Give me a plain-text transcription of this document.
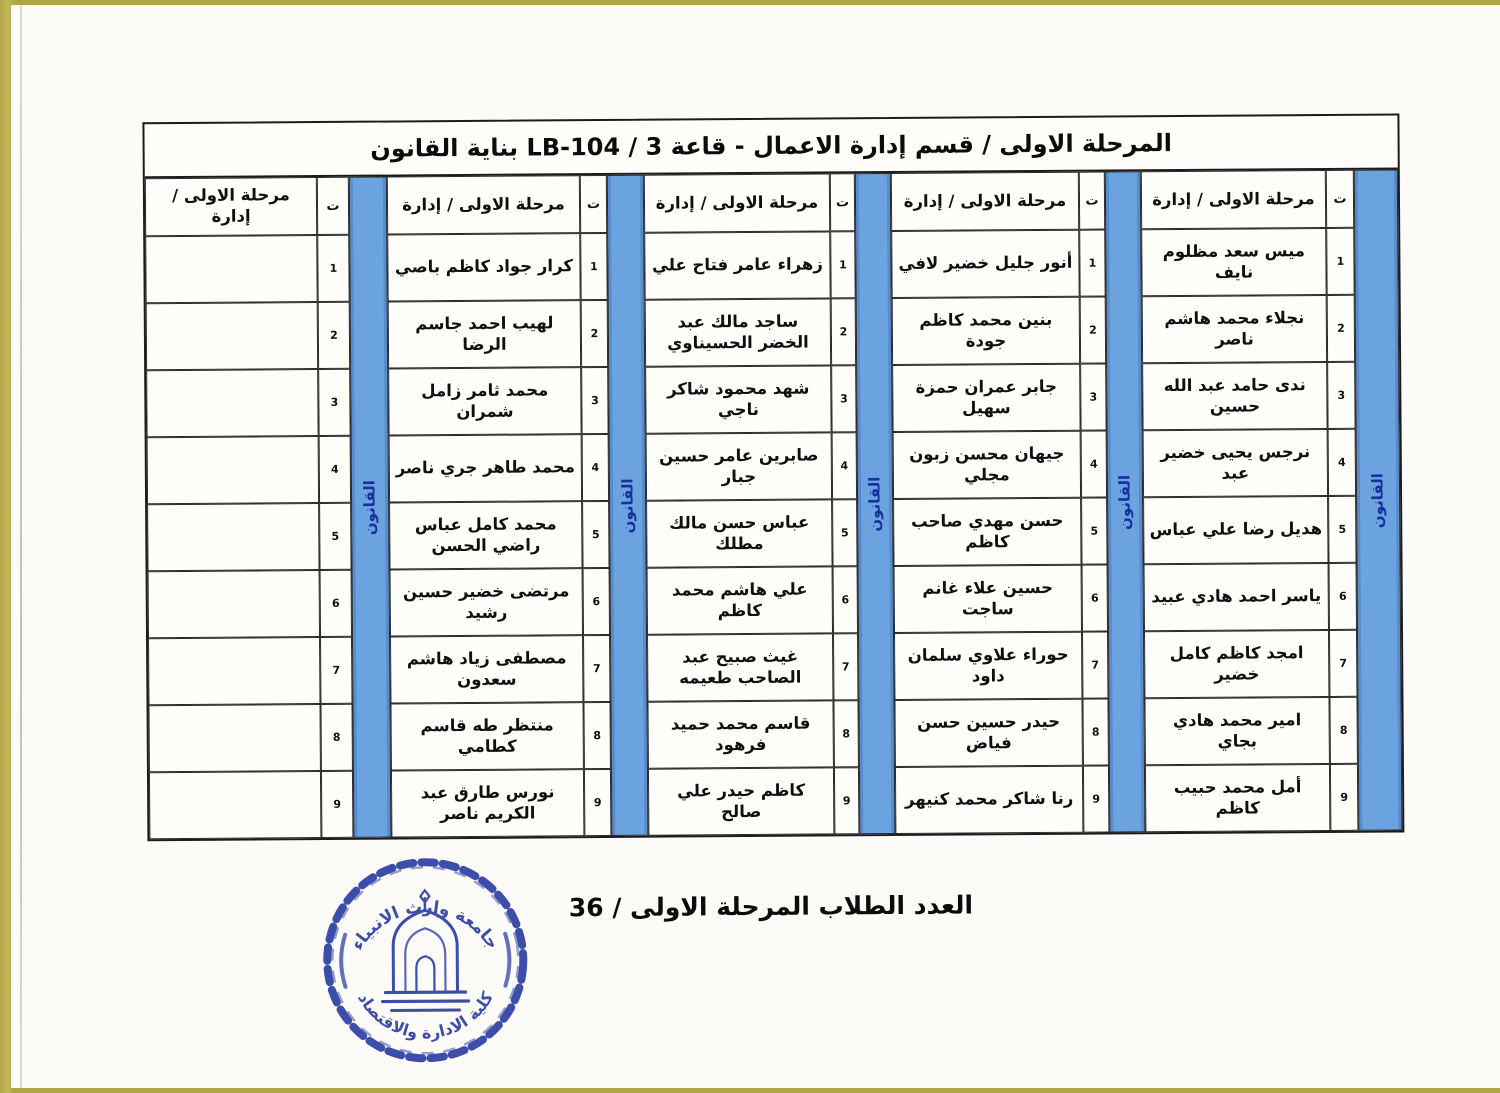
المرحلة الاولى / قسم إدارة الاعمال - قاعة 3 / LB-104 بناية القانون
القانون
ت
مرحلة الاولى / إدارة
1
ميس سعد مظلوم نايف
2
نجلاء محمد هاشم ناصر
3
ندى حامد عبد الله حسين
4
نرجس يحيى خضير عبد
5
هديل رضا علي عباس
6
ياسر احمد هادي عبيد
7
امجد كاظم كامل خضير
8
امير محمد هادي بجاي
9
أمل محمد حبيب كاظم
القانون
ت
مرحلة الاولى / إدارة
1
أنور جليل خضير لافي
2
بنين محمد كاظم جودة
3
جابر عمران حمزة سهيل
4
جيهان محسن زبون مجلي
5
حسن مهدي صاحب كاظم
6
حسين علاء غانم ساجت
7
حوراء علاوي سلمان داود
8
حيدر حسين حسن فياض
9
رنا شاكر محمد كنيهر
القانون
ت
مرحلة الاولى / إدارة
1
زهراء عامر فتاح علي
2
ساجد مالك عبد الخضر الحسيناوي
3
شهد محمود شاكر ناجي
4
صابرين عامر حسين جبار
5
عباس حسن مالك مطلك
6
علي هاشم محمد كاظم
7
غيث صبيح عبد الصاحب طعيمه
8
قاسم محمد حميد فرهود
9
كاظم حيدر علي صالح
القانون
ت
مرحلة الاولى / إدارة
1
كرار جواد كاظم باصي
2
لهيب احمد جاسم الرضا
3
محمد ثامر زامل شمران
4
محمد طاهر جري ناصر
5
محمد كامل عباس راضي الحسن
6
مرتضى خضير حسين رشيد
7
مصطفى زياد هاشم سعدون
8
منتظر طه قاسم كطامي
9
نورس طارق عبد الكريم ناصر
القانون
ت
مرحلة الاولى / إدارة
1
2
3
4
5
6
7
8
9
العدد الطلاب المرحلة الاولى / 36
جامعة وارث الانبياء
كلية الادارة والاقتصاد
